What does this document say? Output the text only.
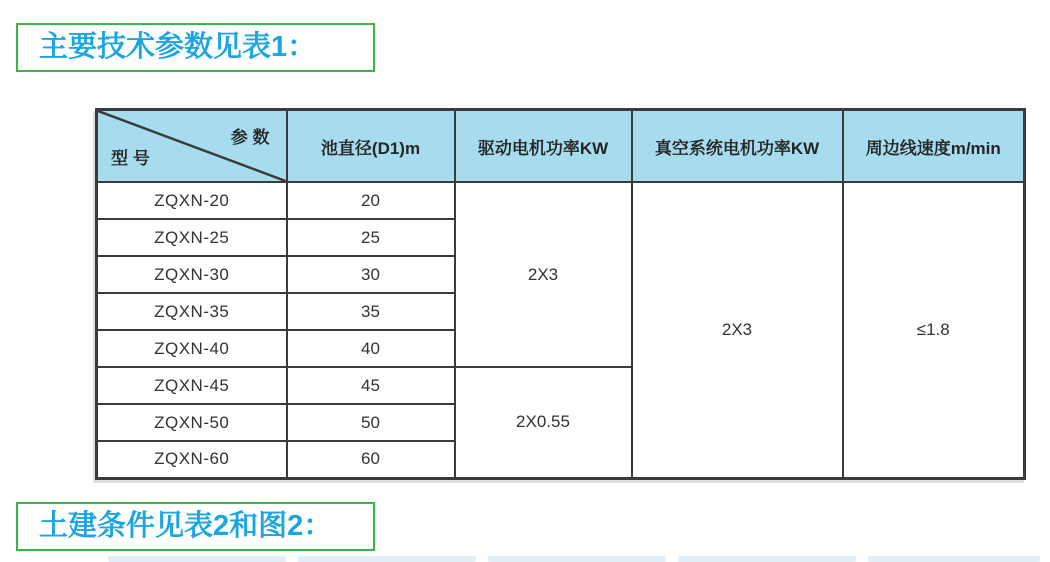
主要技术参数见表1：
参 数
型 号	池直径(D1)m	驱动电机功率KW	真空系统电机功率KW	周边线速度m/min
ZQXN-20	20	2X3	2X3	≤1.8
ZQXN-25	25			
ZQXN-30	30			
ZQXN-35	35			
ZQXN-40	40			
ZQXN-45	45	2X0.55		
ZQXN-50	50			
ZQXN-60	60			
土建条件见表2和图2：
